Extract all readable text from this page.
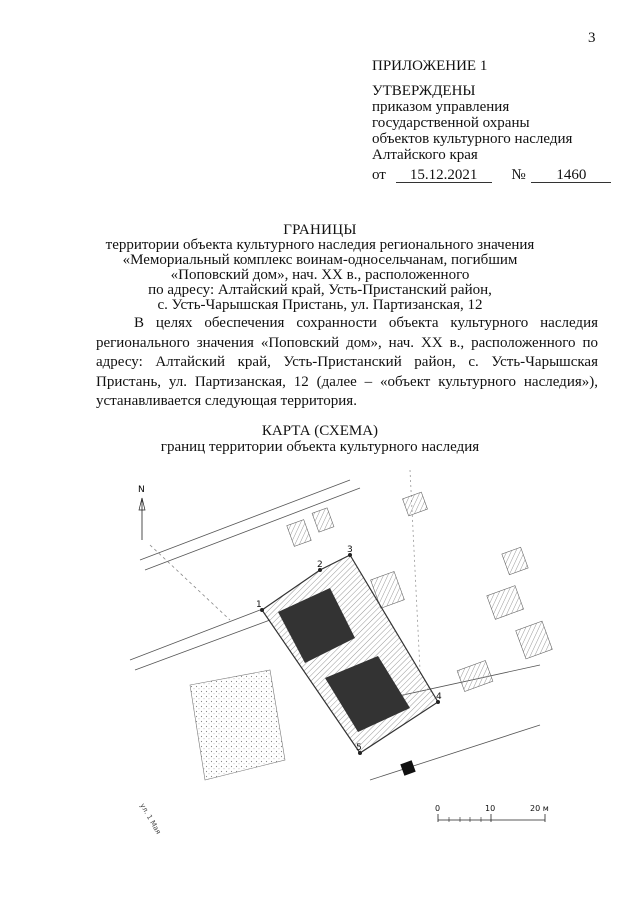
3
ПРИЛОЖЕНИЕ 1
УТВЕРЖДЕНЫ
приказом управления
государственной охраны
объектов культурного наследия
Алтайского края
от 15.12.2021 № 1460
ГРАНИЦЫ
территории объекта культурного наследия регионального значения
«Мемориальный комплекс воинам-односельчанам, погибшим
«Поповский дом», нач. XX в., расположенного
по адресу: Алтайский край, Усть-Пристанский район,
с. Усть-Чарышская Пристань, ул. Партизанская, 12
В целях обеспечения сохранности объекта культурного наследия регионального значения «Поповский дом», нач. XX в., расположенного по адресу: Алтайский край, Усть-Пристанский район, с. Усть-Чарышская Пристань, ул. Партизанская, 12 (далее – «объект культурного наследия»), устанавливается следующая территория.
КАРТА (СХЕМА)
границ территории объекта культурного наследия
1
2
3
4
5
N
ул. 1 Мая	0	10	20 м
